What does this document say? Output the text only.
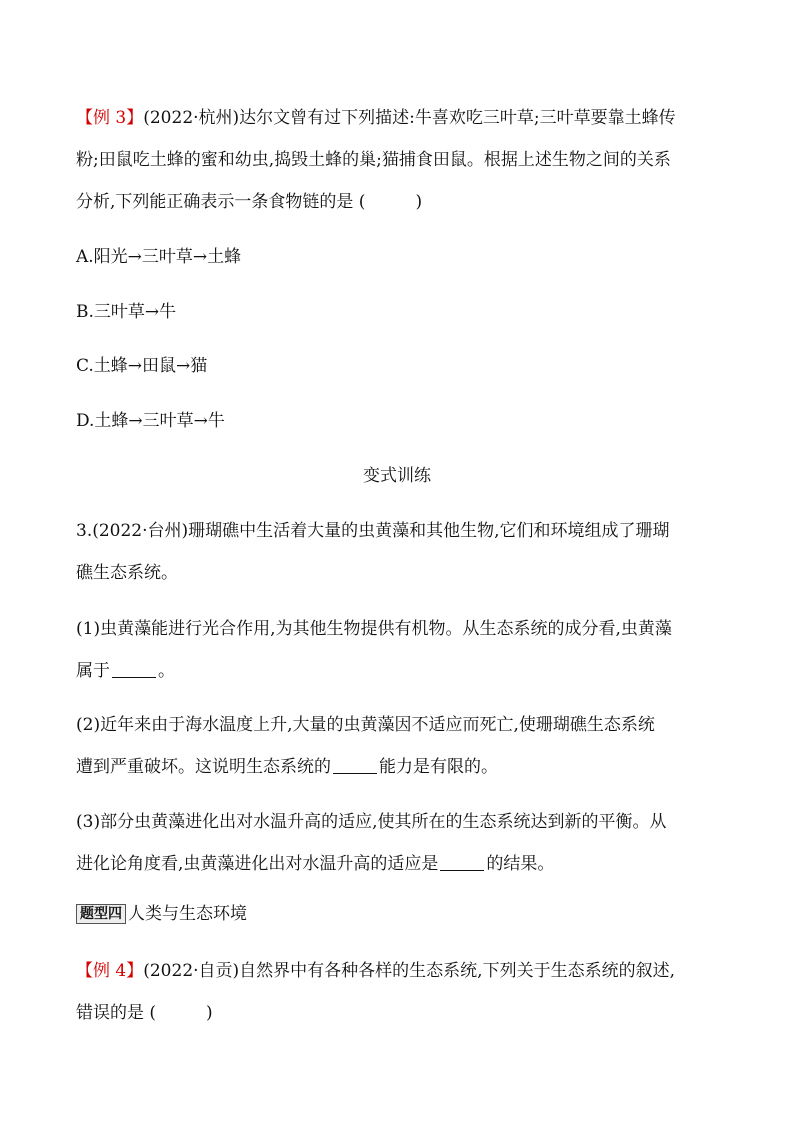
【例 3】(2022·杭州)达尔文曾有过下列描述:牛喜欢吃三叶草;三叶草要靠土蜂传
粉;田鼠吃土蜂的蜜和幼虫,捣毁土蜂的巢;猫捕食田鼠。根据上述生物之间的关系
分析,下列能正确表示一条食物链的是 (	)
A.阳光→三叶草→土蜂
B.三叶草→牛
C.土蜂→田鼠→猫
D.土蜂→三叶草→牛
变式训练
3.(2022·台州)珊瑚礁中生活着大量的虫黄藻和其他生物,它们和环境组成了珊瑚
礁生态系统。
(1)虫黄藻能进行光合作用,为其他生物提供有机物。从生态系统的成分看,虫黄藻
属于	。
(2)近年来由于海水温度上升,大量的虫黄藻因不适应而死亡,使珊瑚礁生态系统
遭到严重破坏。这说明生态系统的	能力是有限的。
(3)部分虫黄藻进化出对水温升高的适应,使其所在的生态系统达到新的平衡。从
进化论角度看,虫黄藻进化出对水温升高的适应是	的结果。
题型四 人类与生态环境
【例 4】(2022·自贡)自然界中有各种各样的生态系统,下列关于生态系统的叙述,
错误的是 (	)
